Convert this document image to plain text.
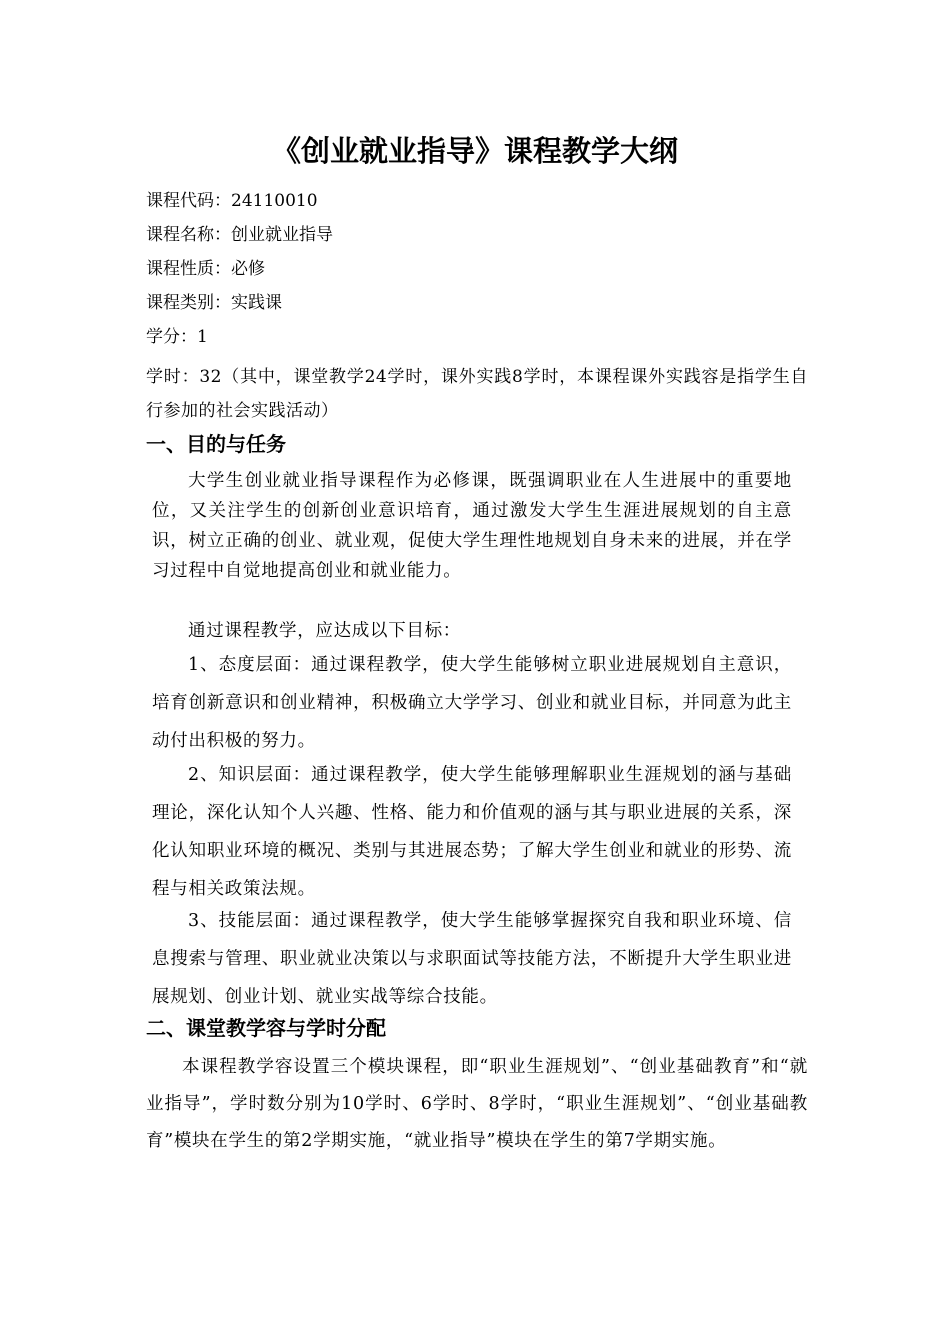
《创业就业指导》课程教学大纲
课程代码：24110010
课程名称：创业就业指导
课程性质：必修
课程类别：实践课
学分：1

学时：32（其中，课堂教学24学时，课外实践8学时，本课程课外实践容是指学生自行参加的社会实践活动）

一、目的与任务

大学生创业就业指导课程作为必修课，既强调职业在人生进展中的重要地位，又关注学生的创新创业意识培育，通过激发大学生生涯进展规划的自主意识，树立正确的创业、就业观，促使大学生理性地规划自身未来的进展，并在学习过程中自觉地提高创业和就业能力。

通过课程教学，应达成以下目标：

1、态度层面：通过课程教学，使大学生能够树立职业进展规划自主意识，培育创新意识和创业精神，积极确立大学学习、创业和就业目标，并同意为此主动付出积极的努力。

2、知识层面：通过课程教学，使大学生能够理解职业生涯规划的涵与基础理论，深化认知个人兴趣、性格、能力和价值观的涵与其与职业进展的关系，深化认知职业环境的概况、类别与其进展态势；了解大学生创业和就业的形势、流程与相关政策法规。

3、技能层面：通过课程教学，使大学生能够掌握探究自我和职业环境、信息搜索与管理、职业就业决策以与求职面试等技能方法，不断提升大学生职业进展规划、创业计划、就业实战等综合技能。

二、课堂教学容与学时分配

本课程教学容设置三个模块课程，即“职业生涯规划”、“创业基础教育”和“就业指导”，学时数分别为10学时、6学时、8学时，“职业生涯规划”、“创业基础教育”模块在学生的第2学期实施，“就业指导”模块在学生的第7学期实施。
